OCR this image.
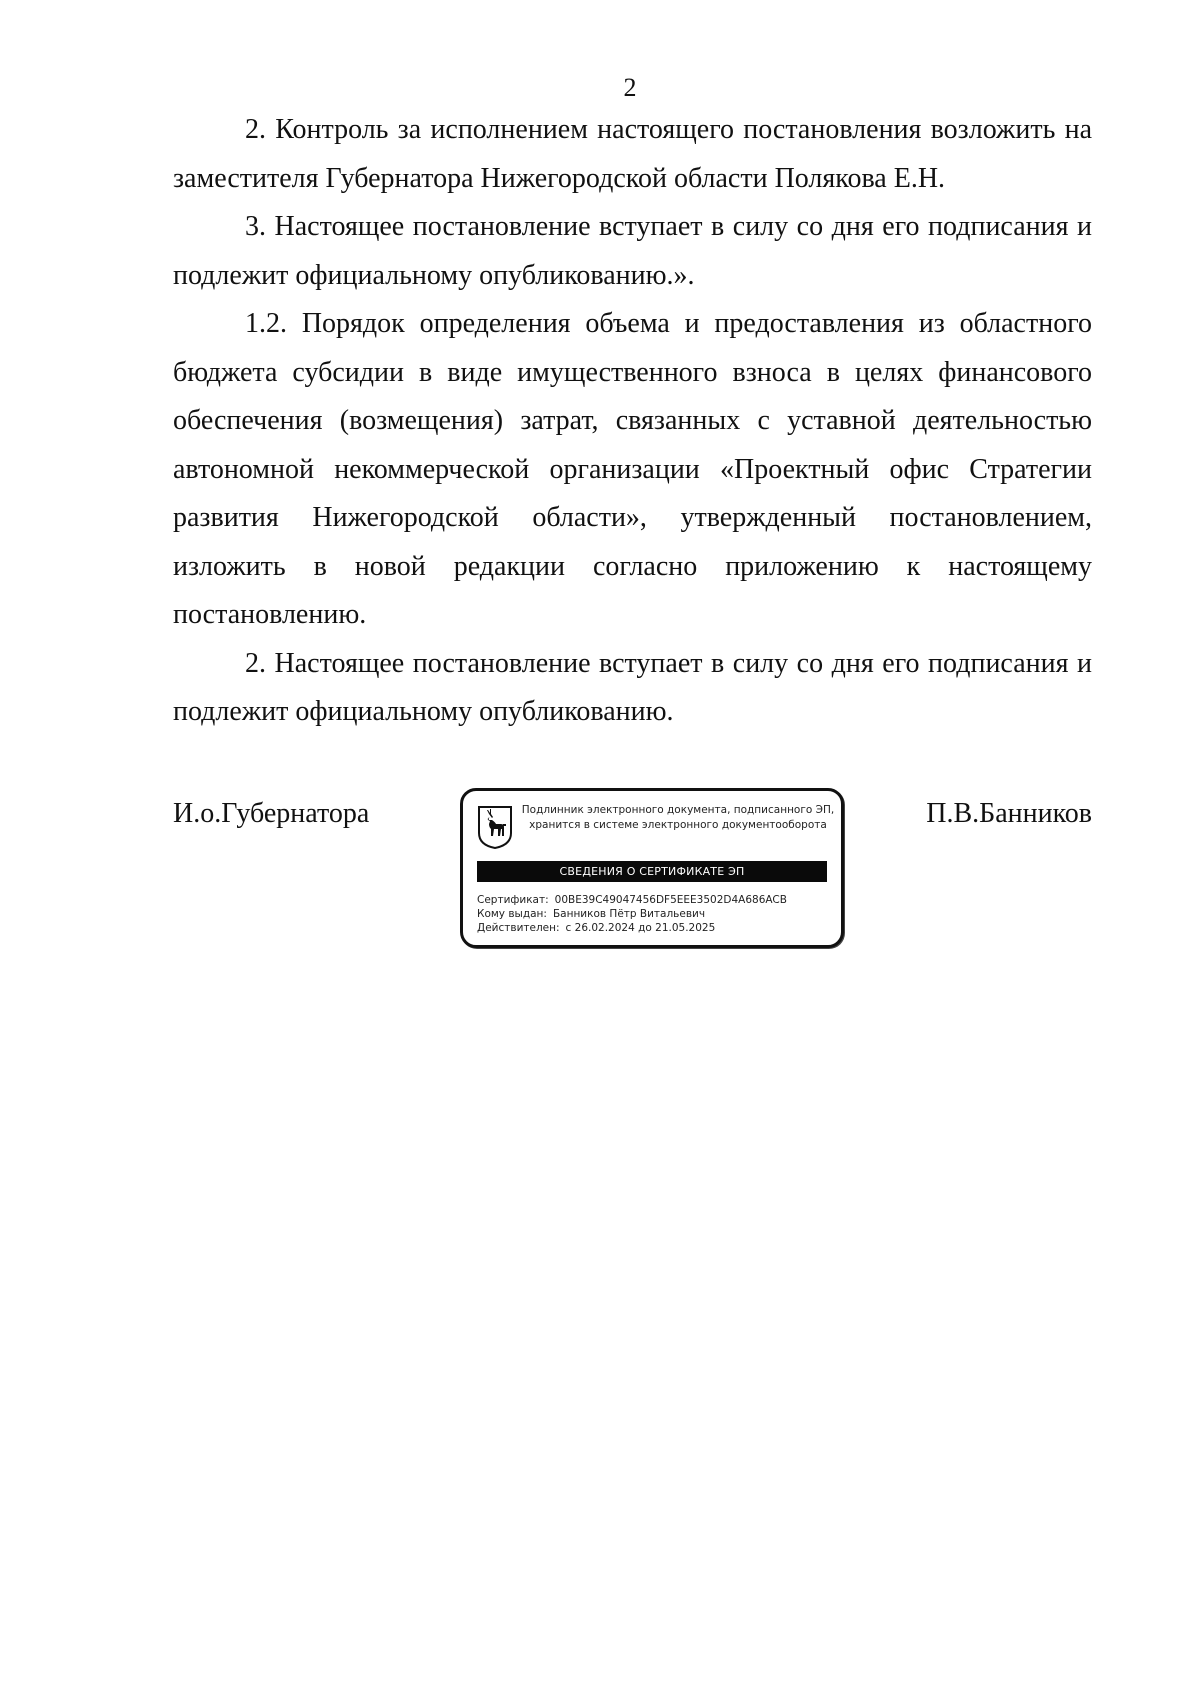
2

2. Контроль за исполнением настоящего постановления возложить на заместителя Губернатора Нижегородской области Полякова Е.Н.

3. Настоящее постановление вступает в силу со дня его подписания и подлежит официальному опубликованию.».

1.2. Порядок определения объема и предоставления из областного бюджета субсидии в виде имущественного взноса в целях финансового обеспечения (возмещения) затрат, связанных с уставной деятельностью автономной некоммерческой организации «Проектный офис Стратегии развития Нижегородской области», утвержденный постановлением, изложить в новой редакции согласно приложению к настоящему постановлению.

2. Настоящее постановление вступает в силу со дня его подписания и подлежит официальному опубликованию.

И.о.Губернатора	П.В.Банников
Подлинник электронного документа, подписанного ЭП,
хранится в системе электронного документооборота
СВЕДЕНИЯ О СЕРТИФИКАТЕ ЭП
Сертификат: 00BE39C49047456DF5EEE3502D4A686ACB
Кому выдан: Банников Пётр Витальевич
Действителен: с 26.02.2024 до 21.05.2025
